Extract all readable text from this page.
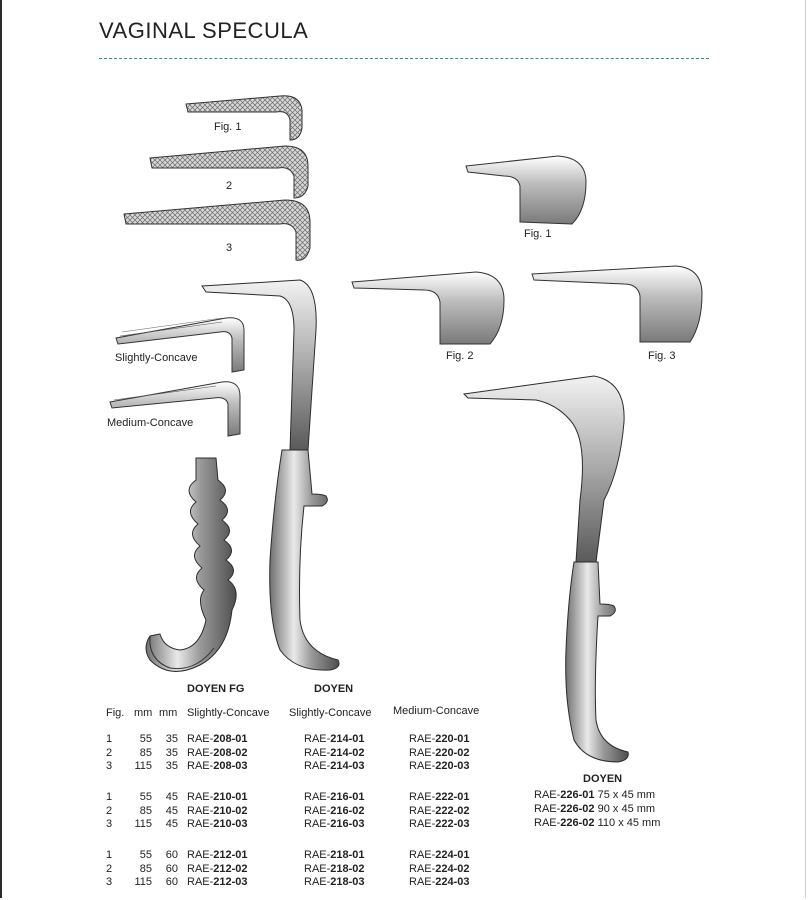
VAGINAL SPECULA
Fig. 1
2
3
Slightly-Concave
Medium-Concave
Fig. 1
Fig. 2	Fig. 3
DOYEN FG	DOYEN
Fig. mm mm Slightly-Concave Slightly-Concave Medium-Concave
1	55	35 RAE-208-01	RAE-214-01	RAE-220-01
2	85	35 RAE-208-02	RAE-214-02	RAE-220-02
3	115	35 RAE-208-03	RAE-214-03	RAE-220-03
1	55	45 RAE-210-01	RAE-216-01	RAE-222-01
2	85	45 RAE-210-02	RAE-216-02	RAE-222-02
3	115	45 RAE-210-03	RAE-216-03	RAE-222-03
1	55	60 RAE-212-01	RAE-218-01	RAE-224-01
2	85	60 RAE-212-02	RAE-218-02	RAE-224-02
3	115	60 RAE-212-03	RAE-218-03	RAE-224-03
DOYEN
RAE-226-01 75 x 45 mm
RAE-226-02 90 x 45 mm
RAE-226-02 110 x 45 mm
